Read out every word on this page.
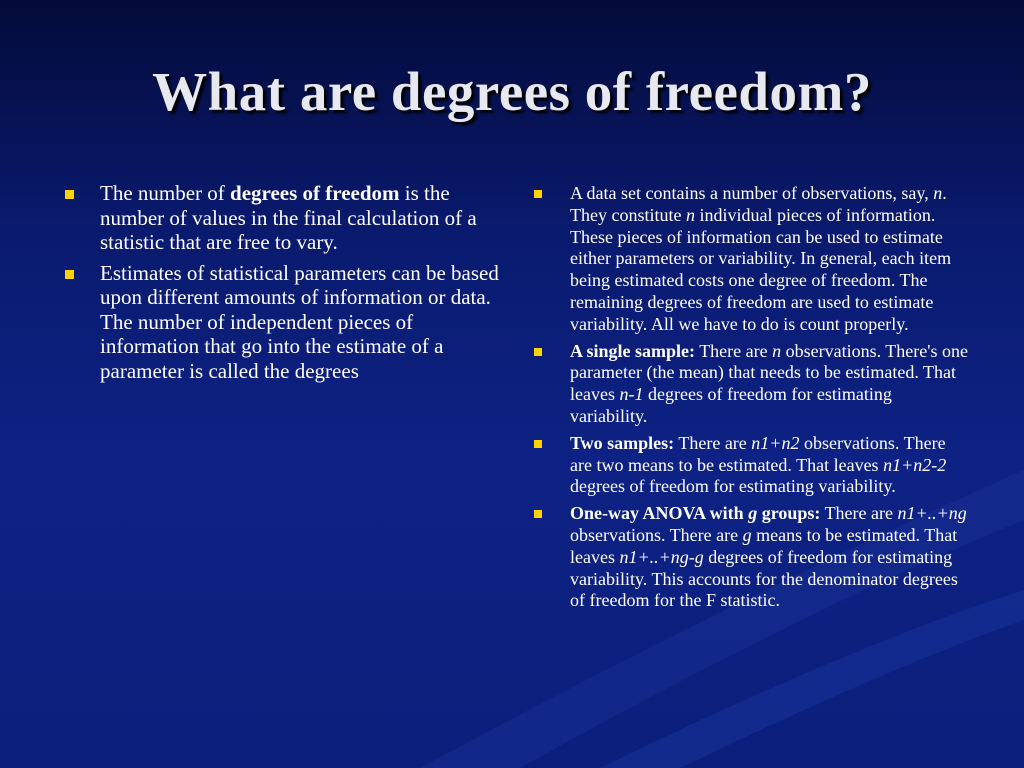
What are degrees of freedom?
The number of degrees of freedom is the number of values in the final calculation of a statistic that are free to vary.
Estimates of statistical parameters can be based upon different amounts of information or data. The number of independent pieces of information that go into the estimate of a parameter is called the degrees
A data set contains a number of observations, say, n. They constitute n individual pieces of information. These pieces of information can be used to estimate either parameters or variability. In general, each item being estimated costs one degree of freedom. The remaining degrees of freedom are used to estimate variability. All we have to do is count properly.
A single sample: There are n observations. There's one parameter (the mean) that needs to be estimated. That leaves n-1 degrees of freedom for estimating variability.
Two samples: There are n1+n2 observations. There are two means to be estimated. That leaves n1+n2-2 degrees of freedom for estimating variability.
One-way ANOVA with g groups: There are n1+..+ng observations. There are g means to be estimated. That leaves n1+..+ng-g degrees of freedom for estimating variability. This accounts for the denominator degrees of freedom for the F statistic.
